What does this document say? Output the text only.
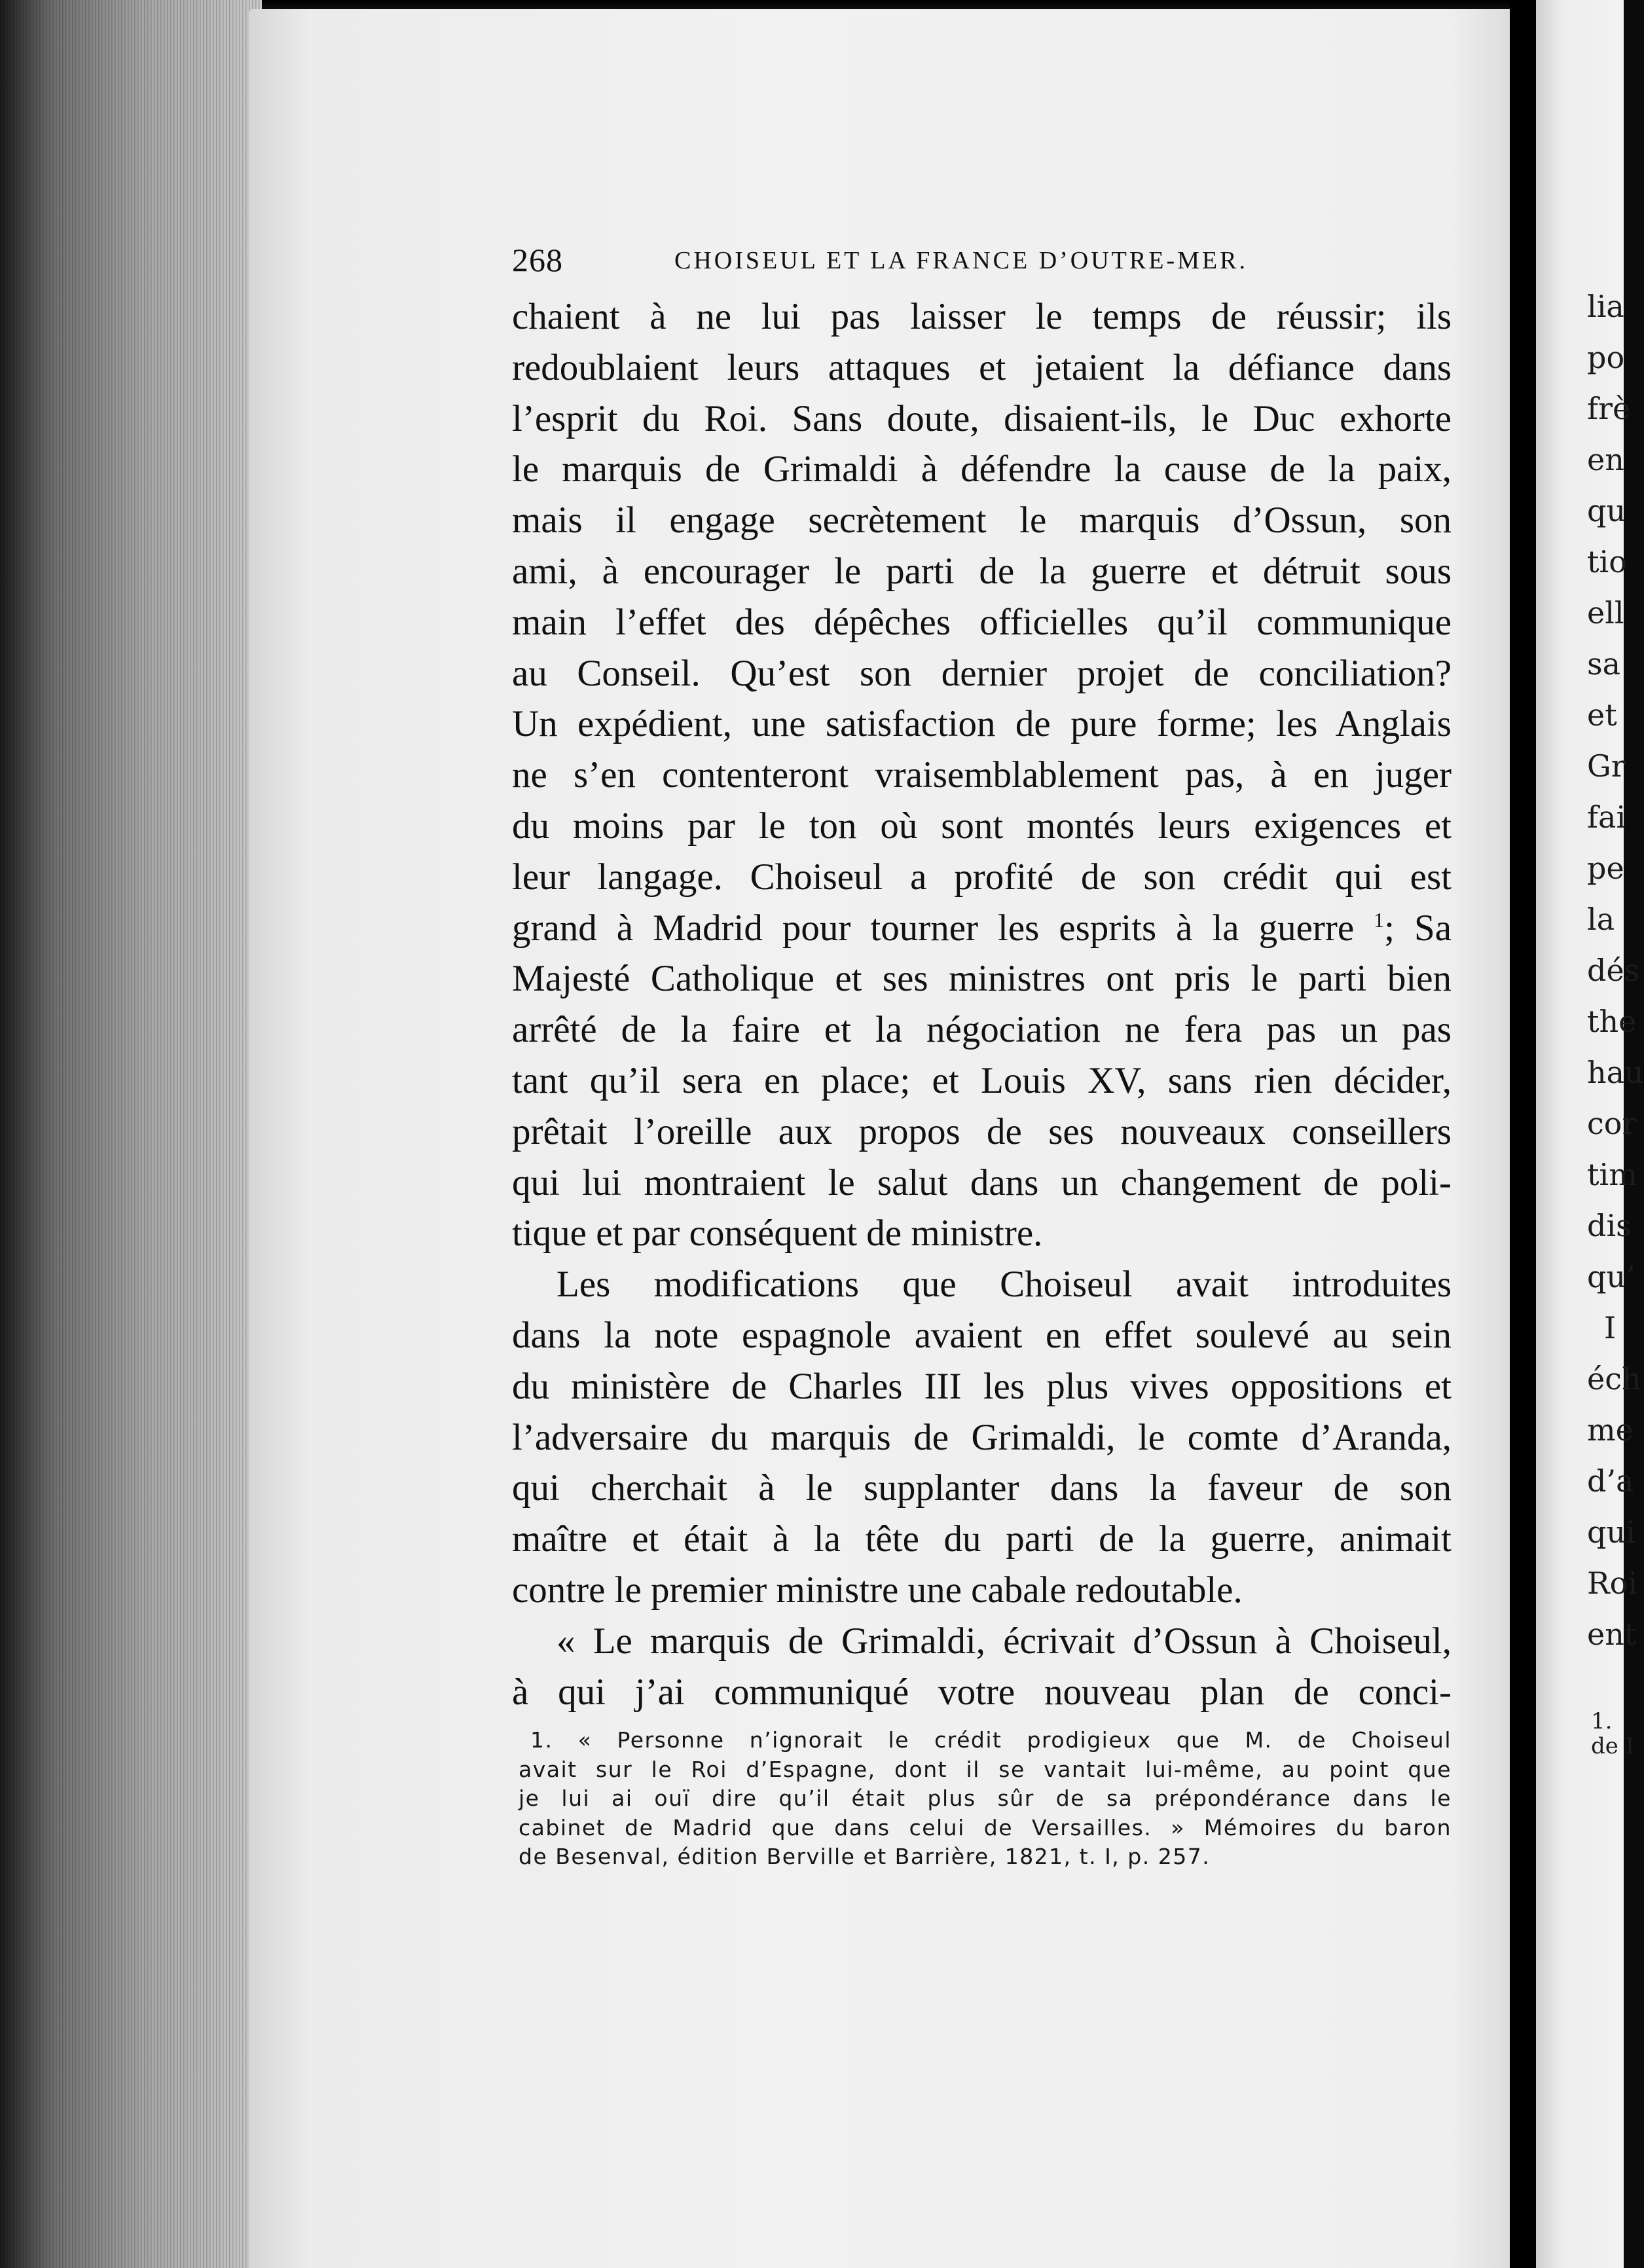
268	CHOISEUL ET LA FRANCE D’OUTRE-MER.
chaient à ne lui pas laisser le temps de réussir; ils
redoublaient leurs attaques et jetaient la défiance dans
l’esprit du Roi. Sans doute, disaient-ils, le Duc exhorte
le marquis de Grimaldi à défendre la cause de la paix,
mais il engage secrètement le marquis d’Ossun, son
ami, à encourager le parti de la guerre et détruit sous
main l’effet des dépêches officielles qu’il communique
au Conseil. Qu’est son dernier projet de conciliation?
Un expédient, une satisfaction de pure forme; les Anglais
ne s’en contenteront vraisemblablement pas, à en juger
du moins par le ton où sont montés leurs exigences et
leur langage. Choiseul a profité de son crédit qui est
grand à Madrid pour tourner les esprits à la guerre $^1$; Sa
Majesté Catholique et ses ministres ont pris le parti bien
arrêté de la faire et la négociation ne fera pas un pas
tant qu’il sera en place; et Louis XV, sans rien décider,
prêtait l’oreille aux propos de ses nouveaux conseillers
qui lui montraient le salut dans un changement de poli-
tique et par conséquent de ministre.
Les modifications que Choiseul avait introduites
dans la note espagnole avaient en effet soulevé au sein
du ministère de Charles III les plus vives oppositions et
l’adversaire du marquis de Grimaldi, le comte d’Aranda,
qui cherchait à le supplanter dans la faveur de son
maître et était à la tête du parti de la guerre, animait
contre le premier ministre une cabale redoutable.
« Le marquis de Grimaldi, écrivait d’Ossun à Choiseul,
à qui j’ai communiqué votre nouveau plan de conci-
1. « Personne n’ignorait le crédit prodigieux que M. de Choiseul
avait sur le Roi d’Espagne, dont il se vantait lui-même, au point que
je lui ai ouï dire qu’il était plus sûr de sa prépondérance dans le
cabinet de Madrid que dans celui de Versailles. » Mémoires du baron
de Besenval, édition Berville et Barrière, 1821, t. I, p. 257.
lia
po
frè
en
qu
tio
ell
sa
et
Gr
fai
pe
la
dés
the
hau
cor
tim
dis
qu’
I
éch
me
d’a
qui
Roi
ent
1.
de I
